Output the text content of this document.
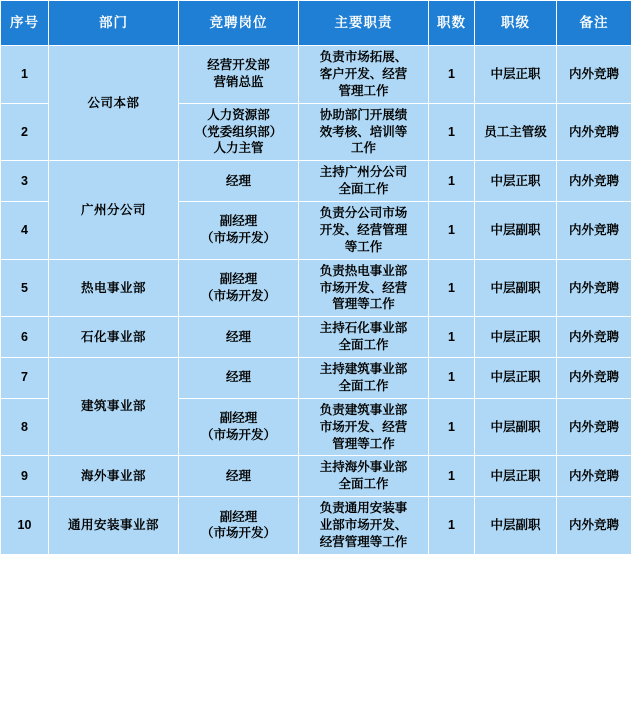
序号	部门	竞聘岗位	主要职责	职数	职级	备注
1	公司本部	经营开发部
营销总监	负责市场拓展、
客户开发、经营
管理工作	1	中层正职	内外竞聘
2		人力资源部
（党委组织部）
人力主管	协助部门开展绩
效考核、培训等
工作	1	员工主管级	内外竞聘
3	广州分公司	经理	主持广州分公司
全面工作	1	中层正职	内外竞聘
4		副经理
（市场开发）	负责分公司市场
开发、经营管理
等工作	1	中层副职	内外竞聘
5	热电事业部	副经理
（市场开发）	负责热电事业部
市场开发、经营
管理等工作	1	中层副职	内外竞聘
6	石化事业部	经理	主持石化事业部
全面工作	1	中层正职	内外竞聘
7	建筑事业部	经理	主持建筑事业部
全面工作	1	中层正职	内外竞聘
8		副经理
（市场开发）	负责建筑事业部
市场开发、经营
管理等工作	1	中层副职	内外竞聘
9	海外事业部	经理	主持海外事业部
全面工作	1	中层正职	内外竞聘
10	通用安装事业部	副经理
（市场开发）	负责通用安装事
业部市场开发、
经营管理等工作	1	中层副职	内外竞聘
